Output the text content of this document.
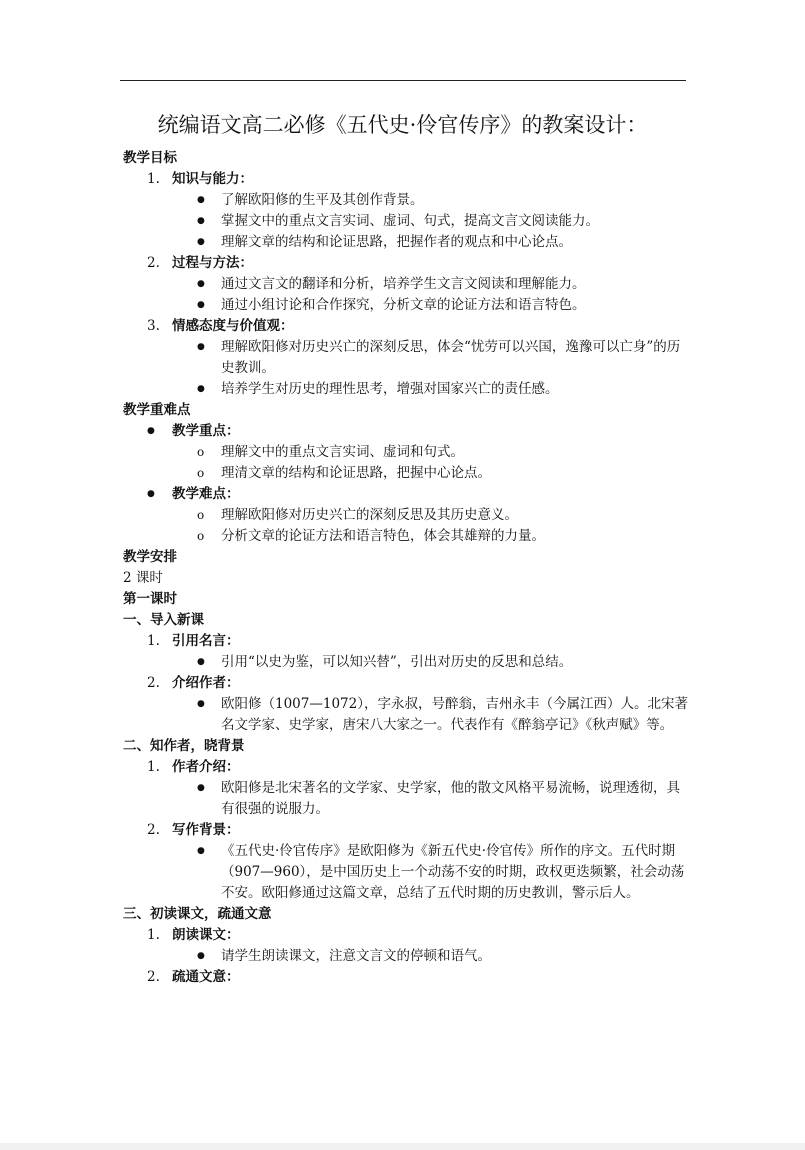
统编语文高二必修《五代史·伶官传序》的教案设计：
教学目标
1. 知识与能力：
● 了解欧阳修的生平及其创作背景。
● 掌握文中的重点文言实词、虚词、句式，提高文言文阅读能力。
● 理解文章的结构和论证思路，把握作者的观点和中心论点。
2. 过程与方法：
● 通过文言文的翻译和分析，培养学生文言文阅读和理解能力。
● 通过小组讨论和合作探究，分析文章的论证方法和语言特色。
3. 情感态度与价值观：
● 理解欧阳修对历史兴亡的深刻反思，体会“忧劳可以兴国，逸豫可以亡身”的历史教训。
● 培养学生对历史的理性思考，增强对国家兴亡的责任感。
教学重难点
● 教学重点：
o 理解文中的重点文言实词、虚词和句式。
o 理清文章的结构和论证思路，把握中心论点。
● 教学难点：
o 理解欧阳修对历史兴亡的深刻反思及其历史意义。
o 分析文章的论证方法和语言特色，体会其雄辩的力量。
教学安排
2 课时
第一课时
一、导入新课
1. 引用名言：
● 引用“以史为鉴，可以知兴替”，引出对历史的反思和总结。
2. 介绍作者：
● 欧阳修（1007—1072），字永叔，号醉翁，吉州永丰（今属江西）人。北宋著名文学家、史学家，唐宋八大家之一。代表作有《醉翁亭记》《秋声赋》等。
二、知作者，晓背景
1. 作者介绍：
● 欧阳修是北宋著名的文学家、史学家，他的散文风格平易流畅，说理透彻，具有很强的说服力。
2. 写作背景：
● 《五代史·伶官传序》是欧阳修为《新五代史·伶官传》所作的序文。五代时期（907—960），是中国历史上一个动荡不安的时期，政权更迭频繁，社会动荡不安。欧阳修通过这篇文章，总结了五代时期的历史教训，警示后人。
三、初读课文，疏通文意
1. 朗读课文：
● 请学生朗读课文，注意文言文的停顿和语气。
2. 疏通文意：
